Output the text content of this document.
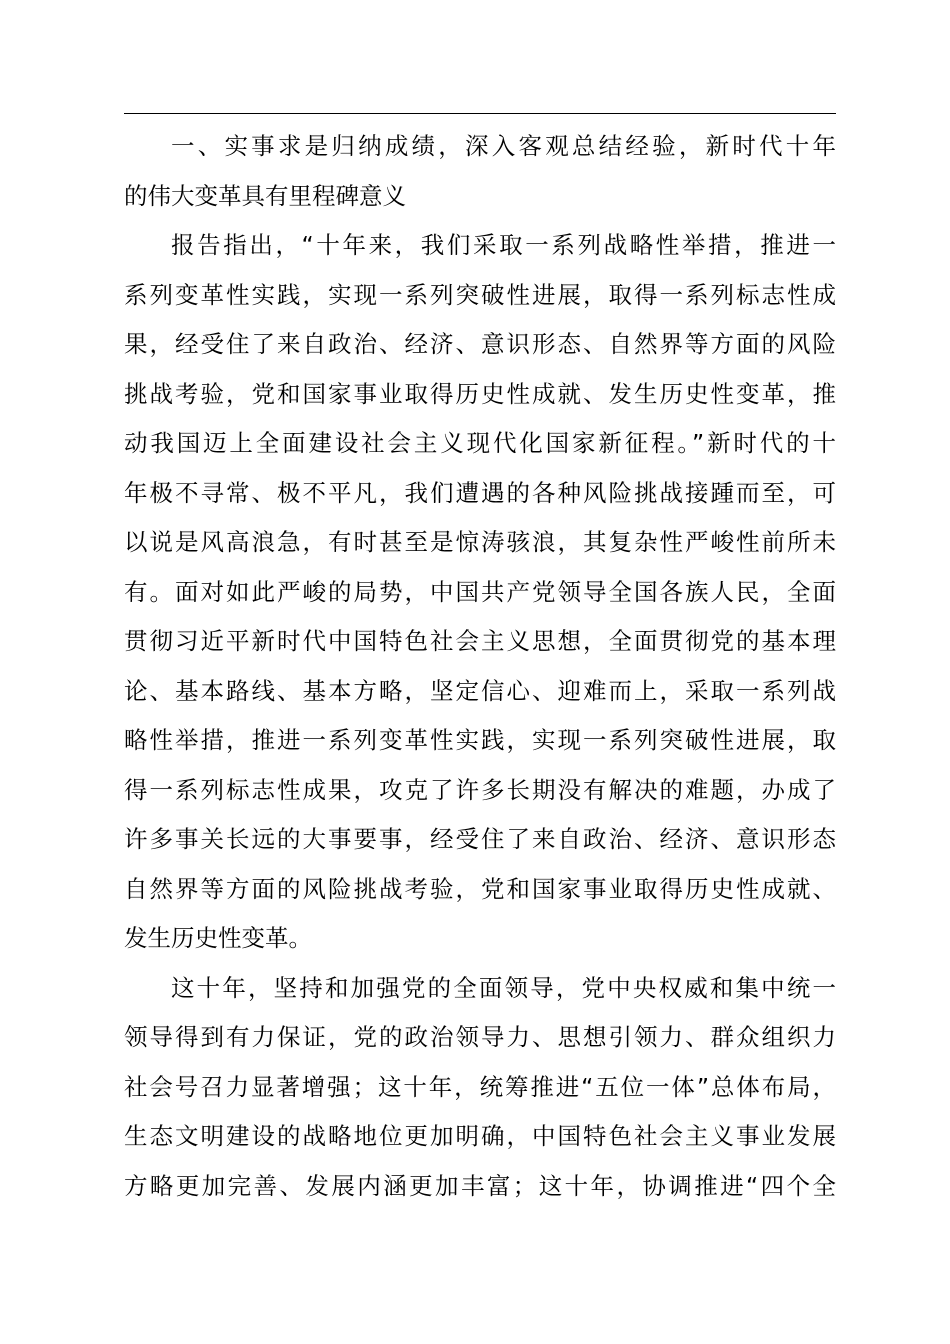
一、实事求是归纳成绩，深入客观总结经验，新时代十年
的伟大变革具有里程碑意义
报告指出，“十年来，我们采取一系列战略性举措，推进一
系列变革性实践，实现一系列突破性进展，取得一系列标志性成
果，经受住了来自政治、经济、意识形态、自然界等方面的风险
挑战考验，党和国家事业取得历史性成就、发生历史性变革，推
动我国迈上全面建设社会主义现代化国家新征程。”新时代的十
年极不寻常、极不平凡，我们遭遇的各种风险挑战接踵而至，可
以说是风高浪急，有时甚至是惊涛骇浪，其复杂性严峻性前所未
有。面对如此严峻的局势，中国共产党领导全国各族人民，全面
贯彻习近平新时代中国特色社会主义思想，全面贯彻党的基本理
论、基本路线、基本方略，坚定信心、迎难而上，采取一系列战
略性举措，推进一系列变革性实践，实现一系列突破性进展，取
得一系列标志性成果，攻克了许多长期没有解决的难题，办成了
许多事关长远的大事要事，经受住了来自政治、经济、意识形态
自然界等方面的风险挑战考验，党和国家事业取得历史性成就、
发生历史性变革。
这十年，坚持和加强党的全面领导，党中央权威和集中统一
领导得到有力保证，党的政治领导力、思想引领力、群众组织力
社会号召力显著增强；这十年，统筹推进“五位一体”总体布局，
生态文明建设的战略地位更加明确，中国特色社会主义事业发展
方略更加完善、发展内涵更加丰富；这十年，协调推进“四个全
